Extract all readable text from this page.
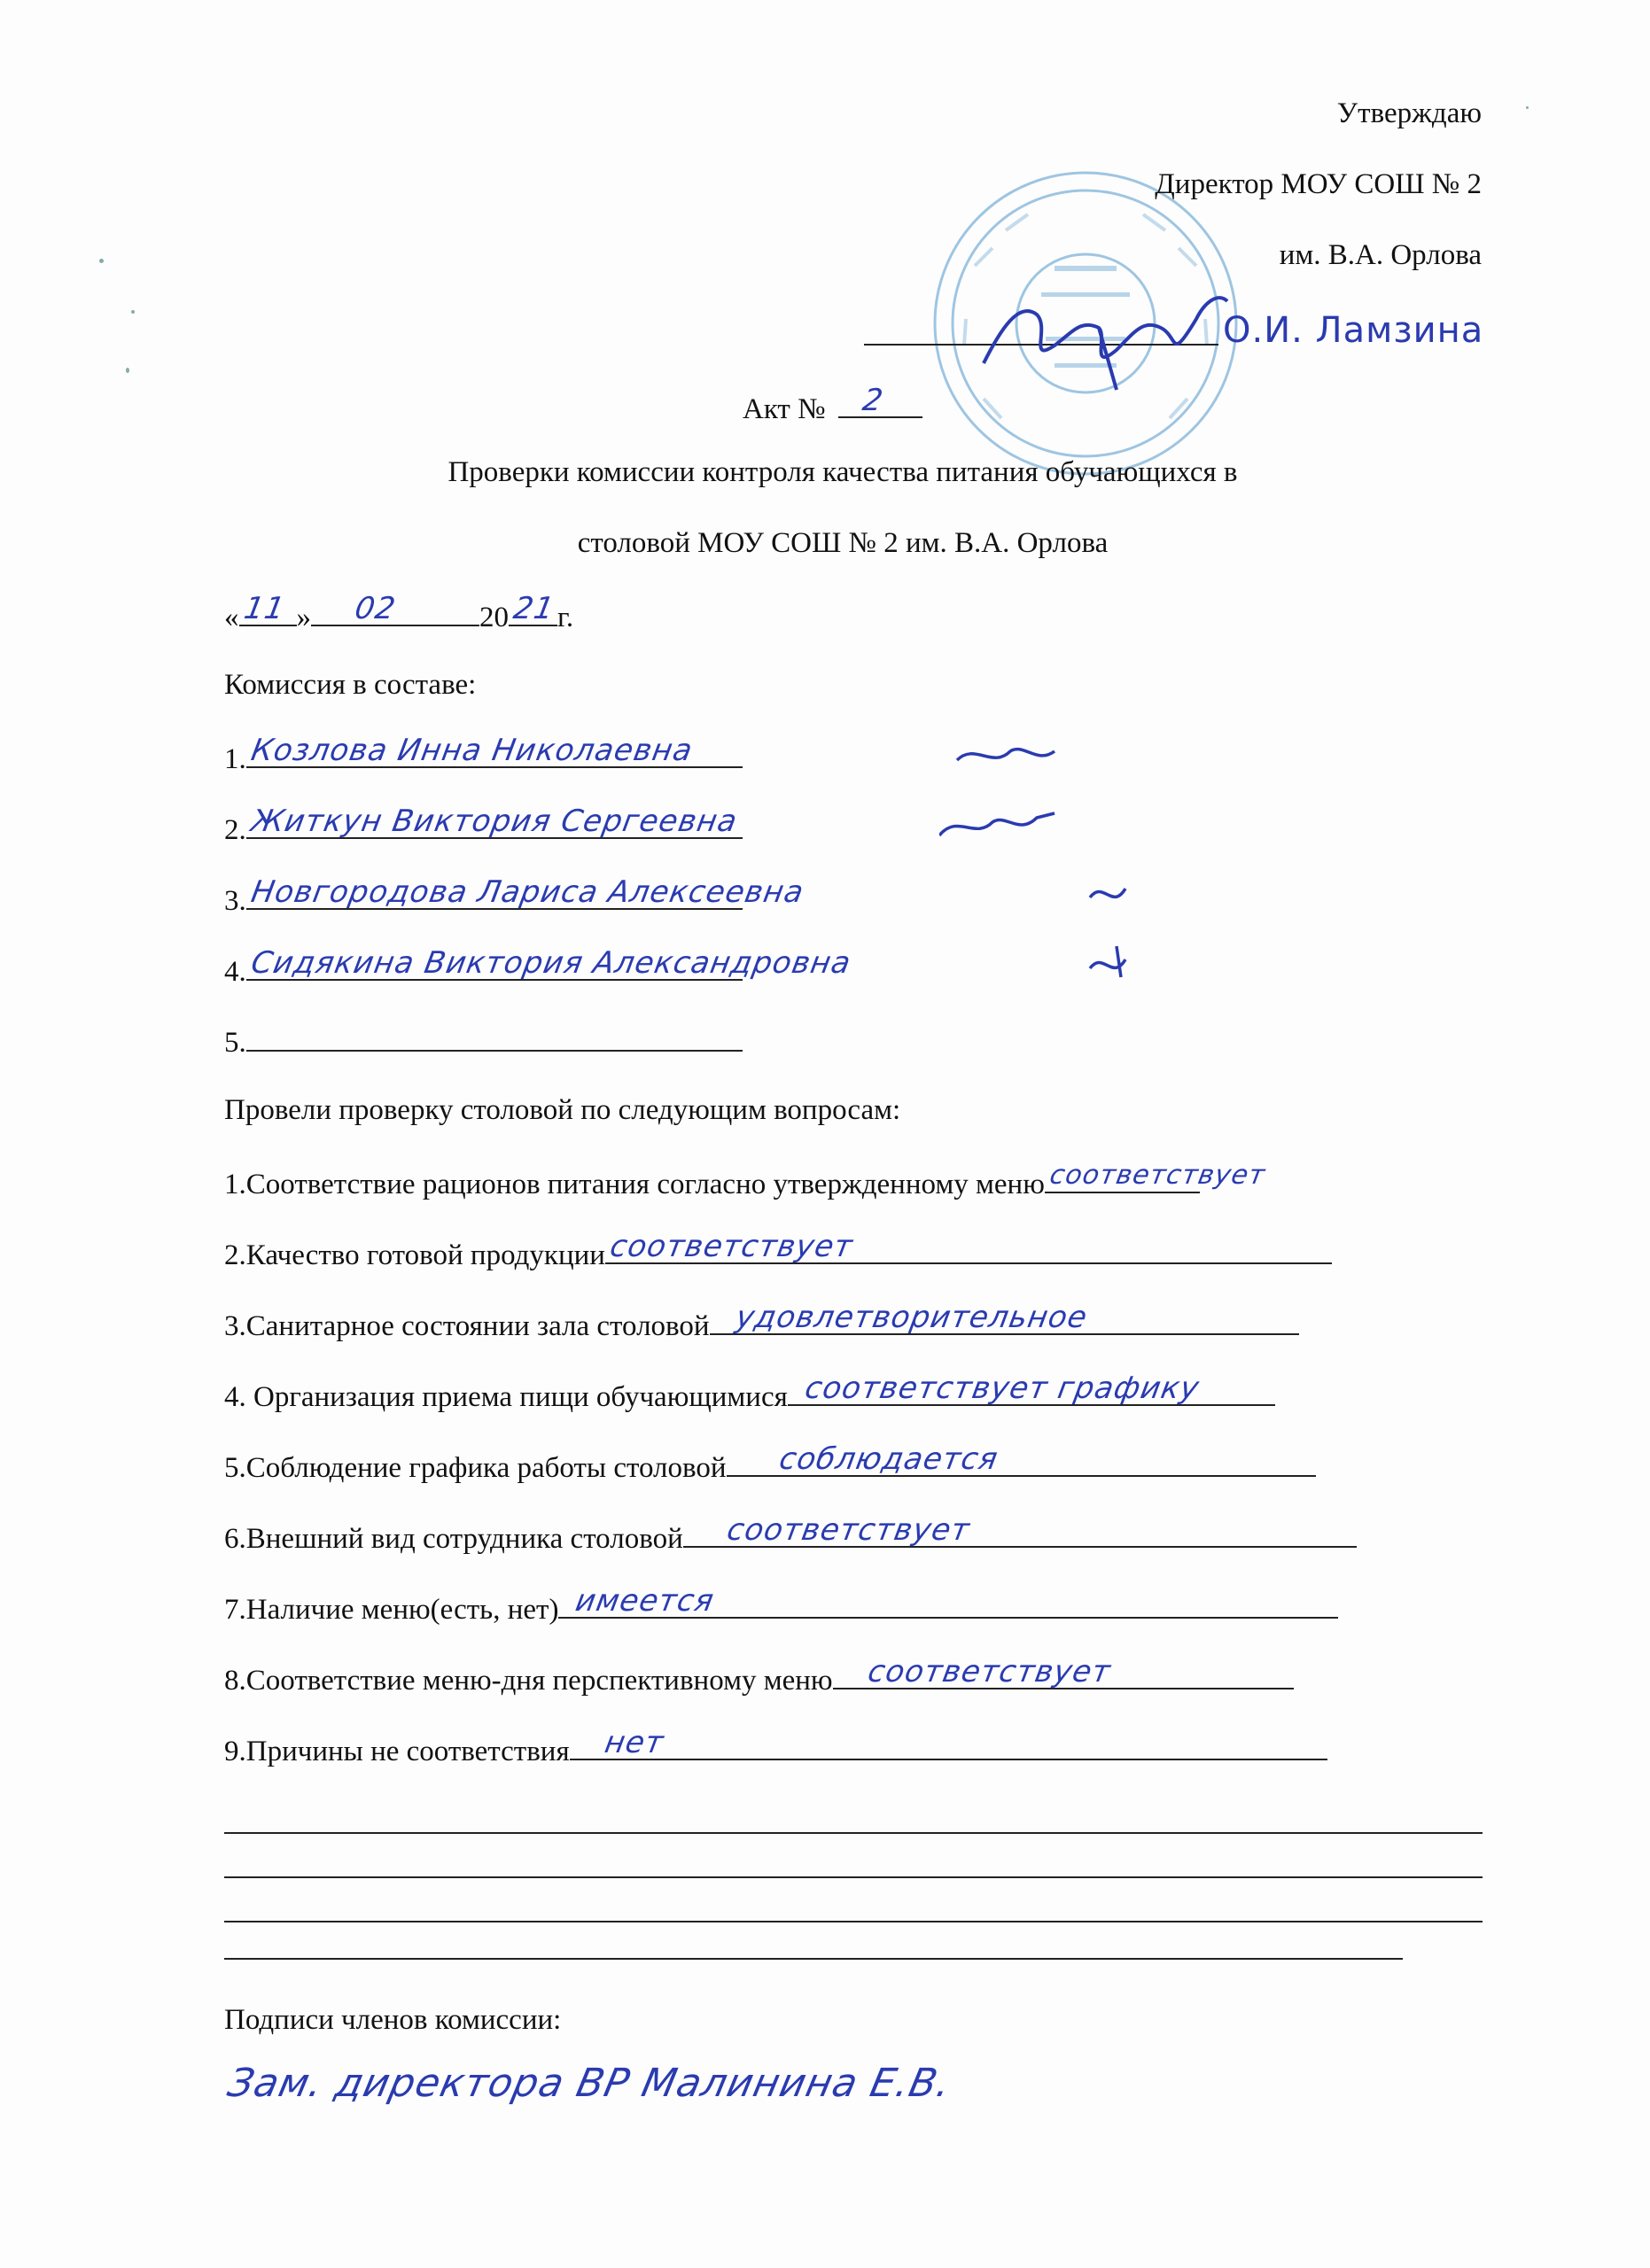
Утверждаю
Директор МОУ СОШ № 2
им. В.А. Орлова
О.И. Ламзина
Акт № 2
Проверки комиссии контроля качества питания обучающихся в
столовой МОУ СОШ № 2 им. В.А. Орлова
« 11 » 02	20 21 г.
Комиссия в составе:
1. Козлова Инна Николаевна
2. Житкун Виктория Сергеевна
3. Новгородова Лариса Алексеевна
4. Сидякина Виктория Александровна
5.
Провели проверку столовой по следующим вопросам:
1.Соответствие рационов питания согласно утвержденному меню соответствует
2.Качество готовой продукции соответствует
3.Санитарное состоянии зала столовой удовлетворительное
4. Организация приема пищи обучающимися соответствует графику
5.Соблюдение графика работы столовой соблюдается
6.Внешний вид сотрудника столовой соответствует
7.Наличие меню(есть, нет) имеется
8.Соответствие меню-дня перспективному меню соответствует
9.Причины не соответствия нет
Подписи членов комиссии:
Зам. директора ВР Малинина Е.В.
